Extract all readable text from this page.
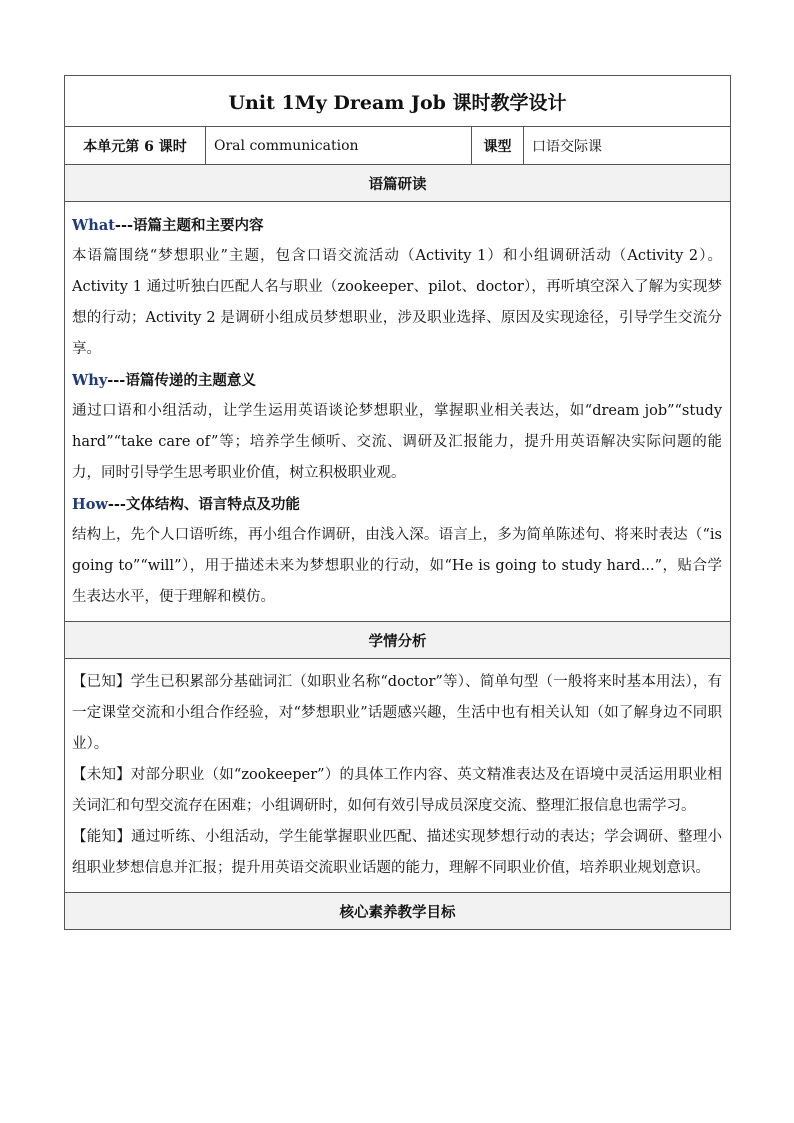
Unit 1My Dream Job 课时教学设计
本单元第 6 课时	Oral communication	课型	口语交际课
语篇研读

What---语篇主题和主要内容

本语篇围绕“梦想职业”主题，包含口语交流活动（Activity 1）和小组调研活动（Activity 2）。Activity 1 通过听独白匹配人名与职业（zookeeper、pilot、doctor），再听填空深入了解为实现梦想的行动；Activity 2 是调研小组成员梦想职业，涉及职业选择、原因及实现途径，引导学生交流分享。

Why---语篇传递的主题意义

通过口语和小组活动，让学生运用英语谈论梦想职业，掌握职业相关表达，如“dream job”“study hard”“take care of”等；培养学生倾听、交流、调研及汇报能力，提升用英语解决实际问题的能力，同时引导学生思考职业价值，树立积极职业观。

How---文体结构、语言特点及功能

结构上，先个人口语听练，再小组合作调研，由浅入深。语言上，多为简单陈述句、将来时表达（“is going to”“will”），用于描述未来为梦想职业的行动，如“He is going to study hard...”，贴合学生表达水平，便于理解和模仿。

学情分析

【已知】学生已积累部分基础词汇（如职业名称“doctor”等）、简单句型（一般将来时基本用法），有一定课堂交流和小组合作经验，对“梦想职业”话题感兴趣，生活中也有相关认知（如了解身边不同职业）。

【未知】对部分职业（如“zookeeper”）的具体工作内容、英文精准表达及在语境中灵活运用职业相关词汇和句型交流存在困难；小组调研时，如何有效引导成员深度交流、整理汇报信息也需学习。

【能知】通过听练、小组活动，学生能掌握职业匹配、描述实现梦想行动的表达；学会调研、整理小组职业梦想信息并汇报；提升用英语交流职业话题的能力，理解不同职业价值，培养职业规划意识。

核心素养教学目标
